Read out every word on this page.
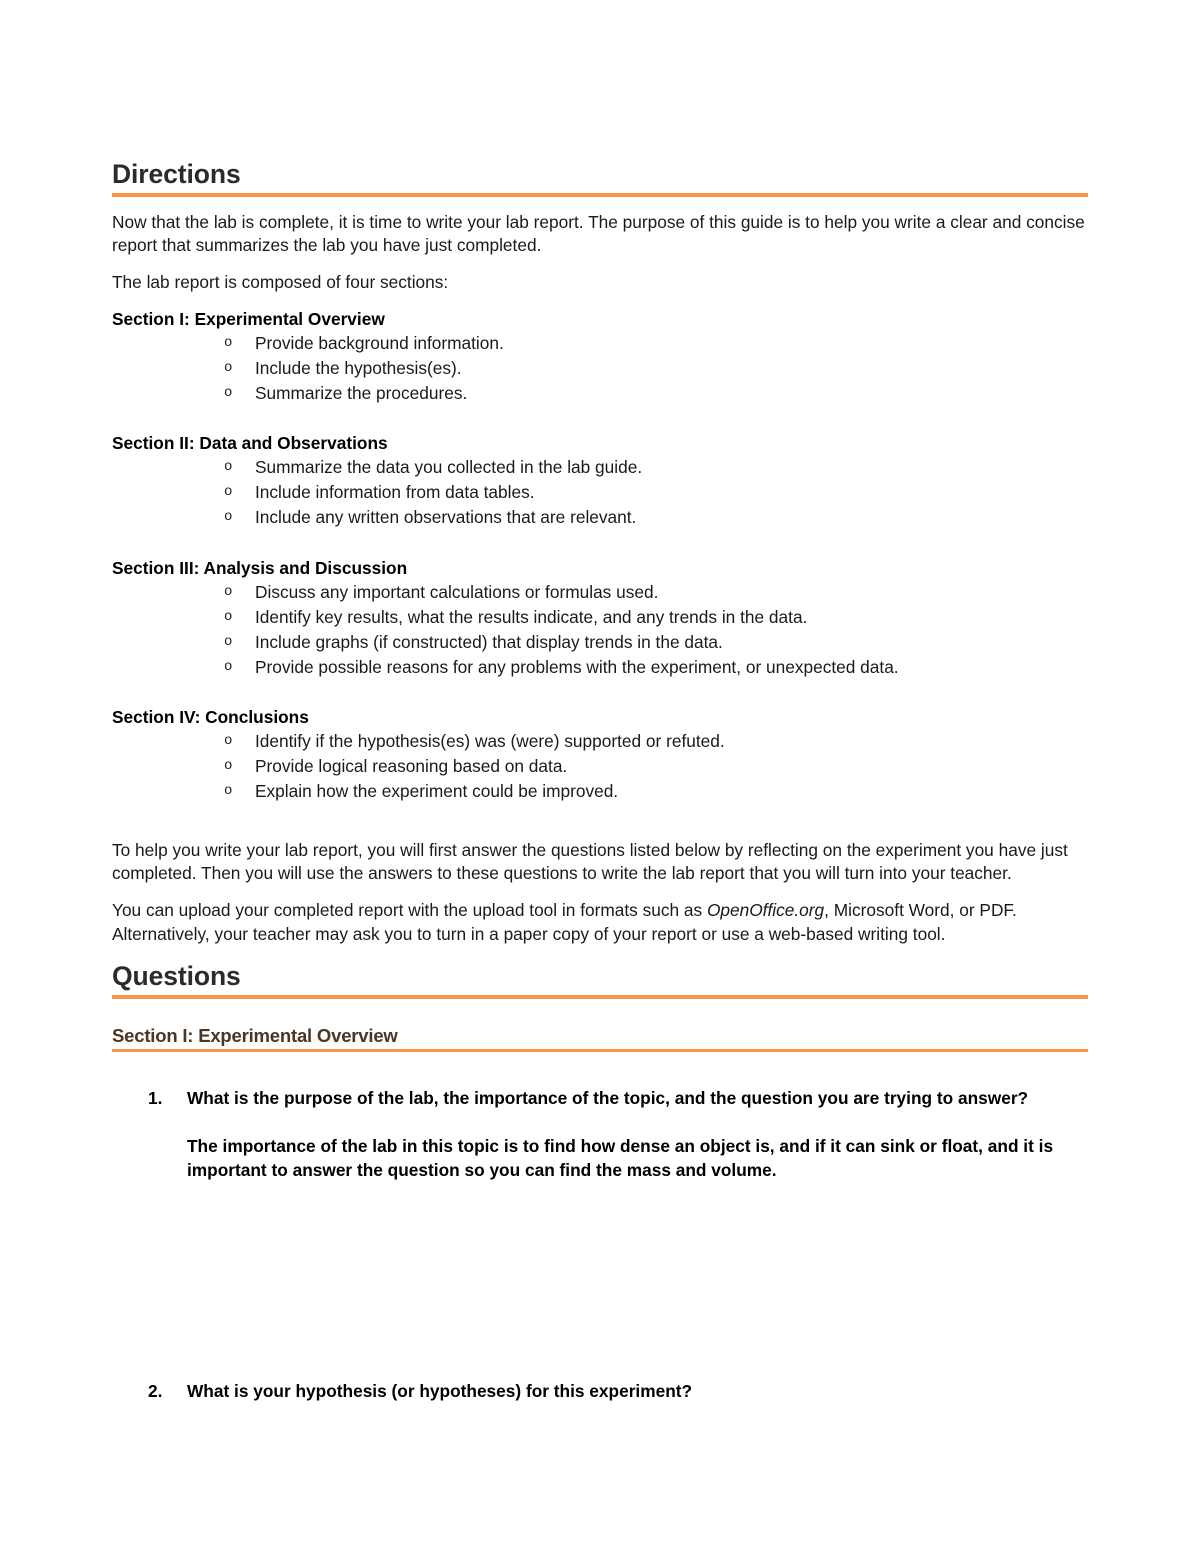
Directions

Now that the lab is complete, it is time to write your lab report. The purpose of this guide is to help you write a clear and concise report that summarizes the lab you have just completed.

The lab report is composed of four sections:

Section I: Experimental Overview
o Provide background information.
o Include the hypothesis(es).
o Summarize the procedures.
Section II: Data and Observations
o Summarize the data you collected in the lab guide.
o Include information from data tables.
o Include any written observations that are relevant.
Section III: Analysis and Discussion
o Discuss any important calculations or formulas used.
o Identify key results, what the results indicate, and any trends in the data.
o Include graphs (if constructed) that display trends in the data.
o Provide possible reasons for any problems with the experiment, or unexpected data.
Section IV: Conclusions
o Identify if the hypothesis(es) was (were) supported or refuted.
o Provide logical reasoning based on data.
o Explain how the experiment could be improved.

To help you write your lab report, you will first answer the questions listed below by reflecting on the experiment you have just completed. Then you will use the answers to these questions to write the lab report that you will turn into your teacher.

You can upload your completed report with the upload tool in formats such as OpenOffice.org, Microsoft Word, or PDF. Alternatively, your teacher may ask you to turn in a paper copy of your report or use a web-based writing tool.

Questions
Section I: Experimental Overview
1. What is the purpose of the lab, the importance of the topic, and the question you are trying to answer?

The importance of the lab in this topic is to find how dense an object is, and if it can sink or float, and it is important to answer the question so you can find the mass and volume.

2. What is your hypothesis (or hypotheses) for this experiment?
